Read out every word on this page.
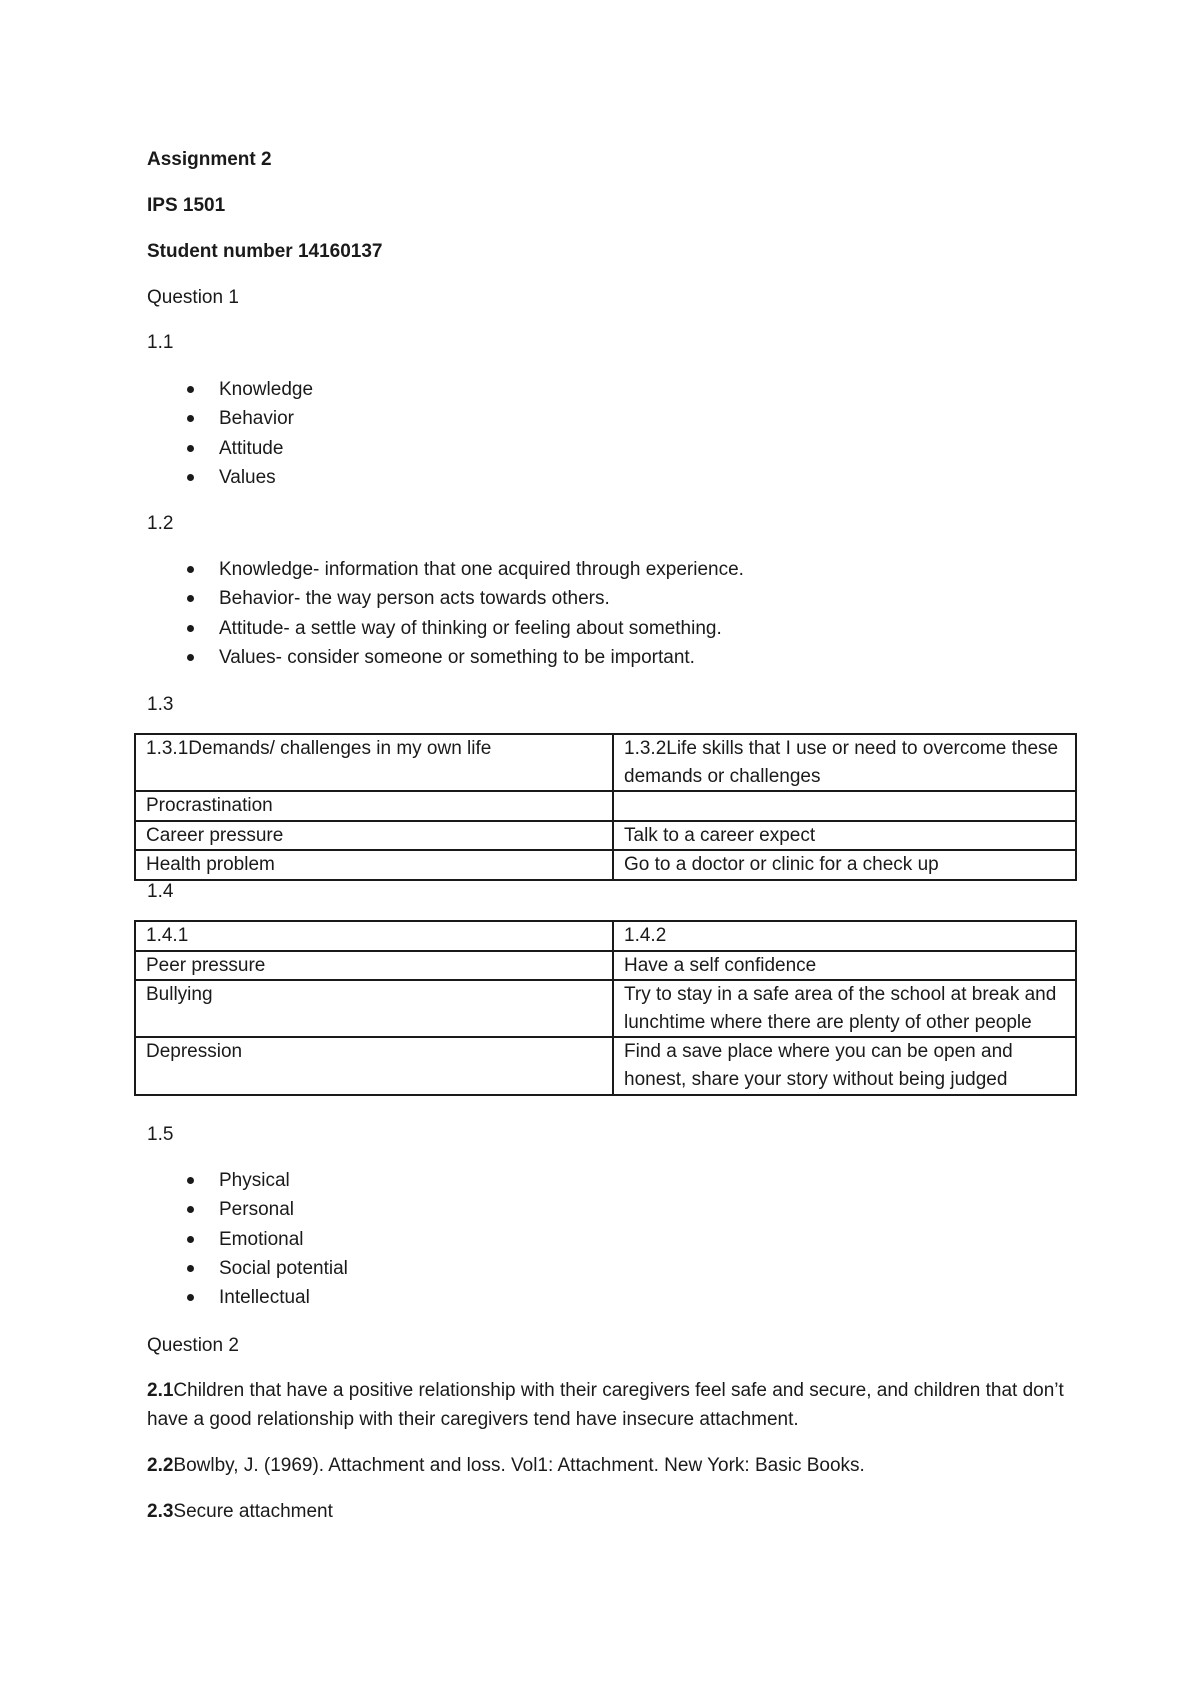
Assignment 2
IPS 1501
Student number 14160137
Question 1
1.1
Knowledge
Behavior
Attitude
Values
1.2
Knowledge- information that one acquired through experience.
Behavior- the way person acts towards others.
Attitude- a settle way of thinking or feeling about something.
Values- consider someone or something to be important.
1.3
1.3.1Demands/ challenges in my own life	1.3.2Life skills that I use or need to overcome these demands or challenges
Procrastination	
Career pressure	Talk to a career expect
Health problem	Go to a doctor or clinic for a check up
1.4
1.4.1	1.4.2
Peer pressure	Have a self confidence
Bullying	Try to stay in a safe area of the school at break and lunchtime where there are plenty of other people
Depression	Find a save place where you can be open and honest, share your story without being judged
1.5
Physical
Personal
Emotional
Social potential
Intellectual
Question 2
2.1Children that have a positive relationship with their caregivers feel safe and secure, and children that don’t have a good relationship with their caregivers tend have insecure attachment.
2.2Bowlby, J. (1969). Attachment and loss. Vol1: Attachment. New York: Basic Books.
2.3Secure attachment
